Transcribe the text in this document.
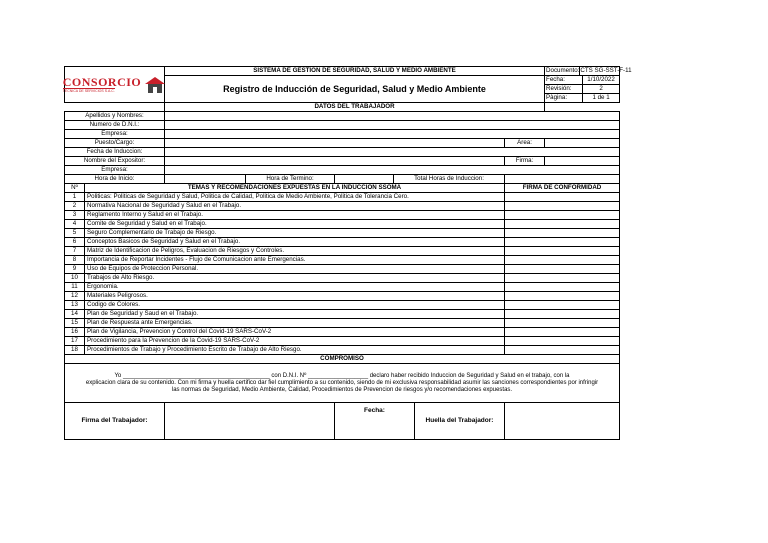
CONSORCIO
TÉCNICA DE SERVICIOS S.A.C.		SISTEMA DE GESTION DE SEGURIDAD, SALUD Y MEDIO AMBIENTE			Documento: CTS SG-SST-F-11

		Registro de Inducción de Seguridad, Salud y Medio Ambiente			Fecha: 1/10/2022

					Revisión: 2

					Pàgina: 1 de 1

		DATOS DEL TRABAJADOR			
Apellidos y Nombres:					
Numero de D.N.I.:					
Empresa:					
Puesto/Cargo:				Area:	
Fecha de Induccion:					
Nombre del Expositor:				Firma:	
Empresa:					
Hora de Inicio:		Hora de Termino:	Total Horas de Induccion:		

Nº	TEMAS Y RECOMENDACIONES EXPUESTAS EN LA INDUCCION SSOMA			FIRMA DE CONFORMIDAD	
1	Politicas: Politicas de Seguridad y Salud, Politica de Calidad, Politica de Medio Ambiente, Politica de Tolerancia Cero.	
2	Normativa Nacional de Seguridad y Salud en el Trabajo.	
3	Reglamento Interno y Salud en el Trabajo.	
4	Comite de Seguridad y Salud en el Trabajo.	
5	Seguro Complementario de Trabajo de Riesgo.	
6	Conceptos Basicos de Seguridad y Salud en el Trabajo.	
7	Matriz de Identificacion de Peligros, Evaluacion de Riesgos y Controles.	
8	Importancia de Reportar Incidentes - Flujo de Comunicacion ante Emergencias.	
9	Uso de Equipos de Proteccion Personal.	
10	Trabajos de Alto Riesgo.	
11	Ergonomia.	
12	Materiales Peligrosos.	
13	Codigo de Colores.	
14	Plan de Seguridad y Saud en el Trabajo.	
15	Plan de Respuesta ante Emergencias.	
16	Plan de Vigilancia, Prevencion y Control del Covid-19 SARS-CoV-2	
17	Procedimiento para la Prevencion de la Covid-19 SARS-CoV-2	
18	Procedimientos de Trabajo y Procedimiento Escrito de Trabajo de Alto Riesgo.	
COMPROMISO

Yo ____________________________________________ con D.N.I. Nº __________________ declaro haber recibido Induccion de Seguridad y Salud en el trabajo, con la
explicacion clara de su contenido. Con mi firma y huella certifico dar fiel cumplimiento a su contenido, siendo de mi exclusiva responsabilidad asumir las sanciones correspondientes por infringir
las normas de Seguridad, Medio Ambiente, Calidad, Procedimientos de Prevencion de riesgos y/o recomendaciones expuestas.

Firma del Trabajador:		Fecha:	Huella del Trabajador:	
